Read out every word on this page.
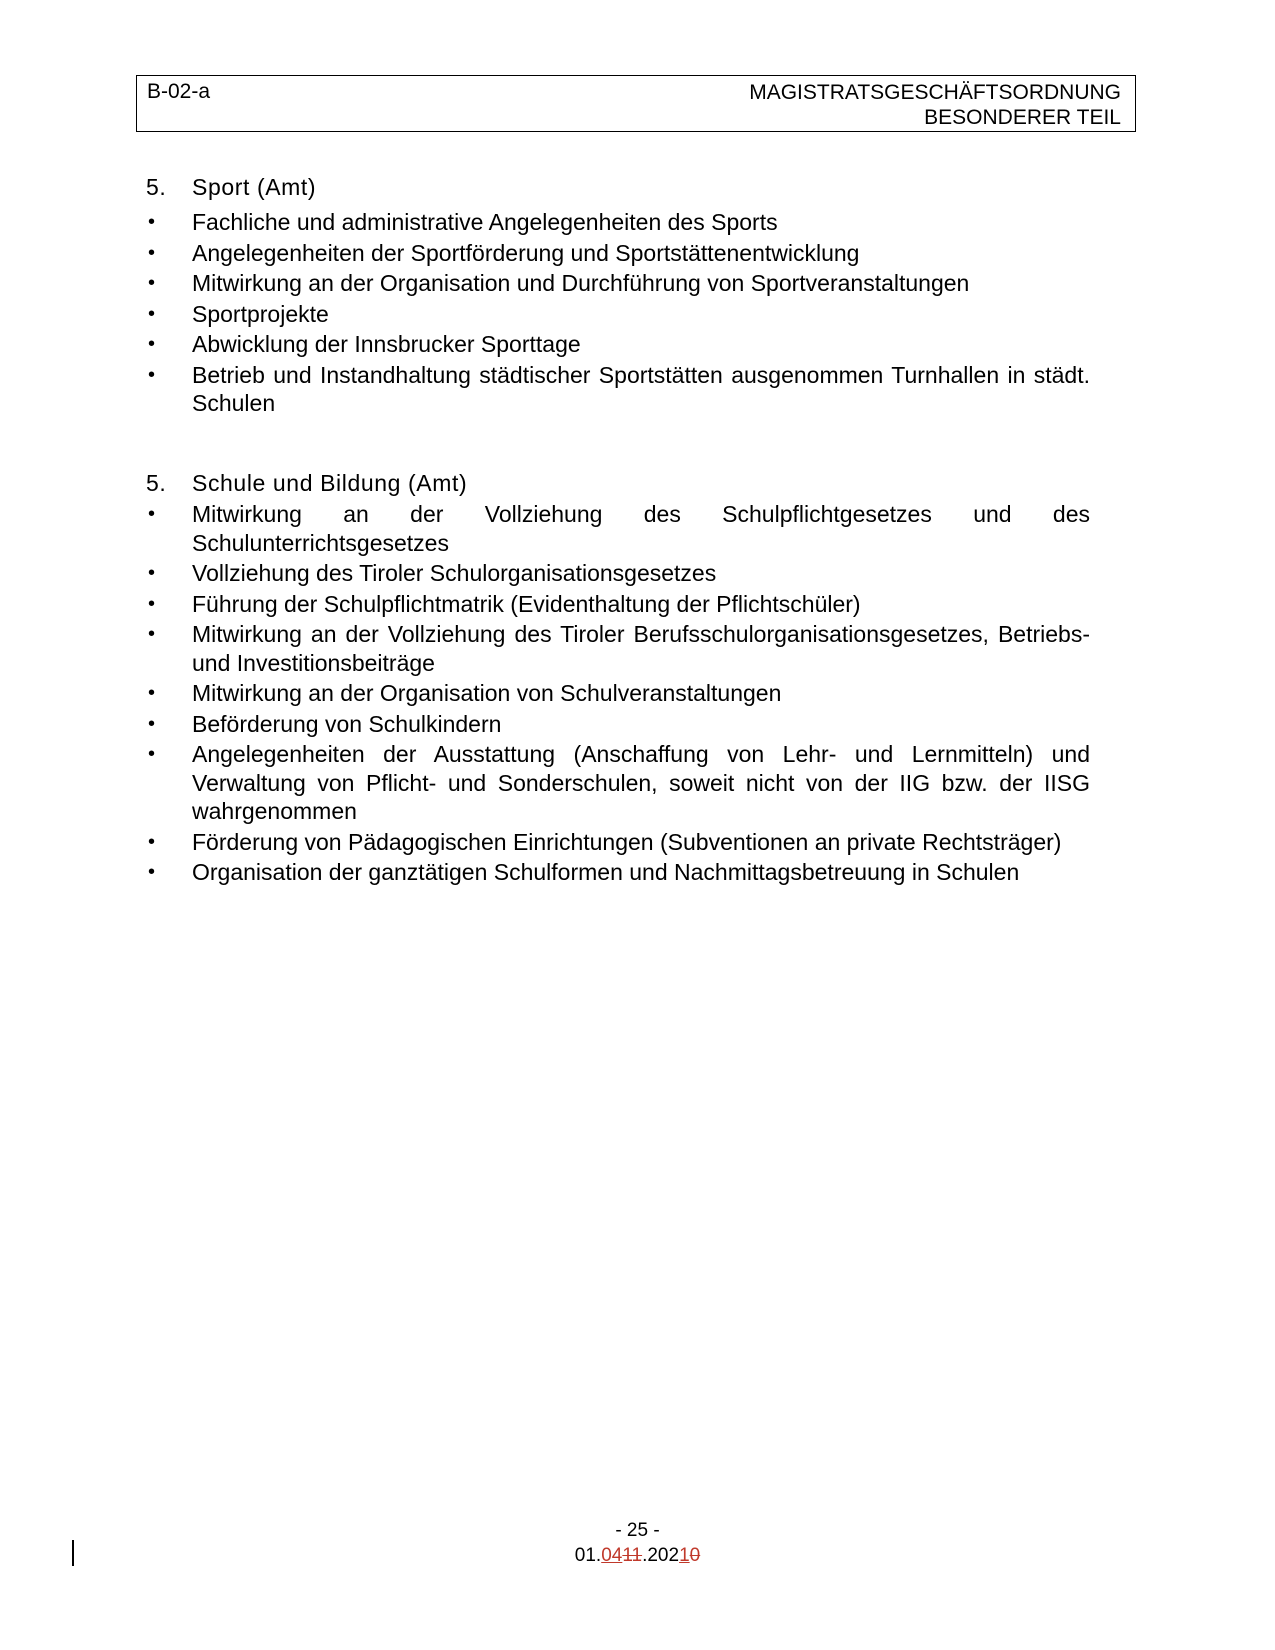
B-02-a	MAGISTRATSGESCHÄFTSORDNUNG
BESONDERER TEIL
5.	Sport (Amt)
• Fachliche und administrative Angelegenheiten des Sports
• Angelegenheiten der Sportförderung und Sportstättenentwicklung
• Mitwirkung an der Organisation und Durchführung von Sportveranstaltungen
• Sportprojekte
• Abwicklung der Innsbrucker Sporttage
• Betrieb und Instandhaltung städtischer Sportstätten ausgenommen Turnhallen in städt. Schulen
5.	Schule und Bildung (Amt)
• Mitwirkung an der Vollziehung des Schulpflichtgesetzes und des Schulunterrichtsgesetzes
• Vollziehung des Tiroler Schulorganisationsgesetzes
• Führung der Schulpflichtmatrik (Evidenthaltung der Pflichtschüler)
• Mitwirkung an der Vollziehung des Tiroler Berufsschulorganisationsgesetzes, Betriebs- und Investitionsbeiträge
• Mitwirkung an der Organisation von Schulveranstaltungen
• Beförderung von Schulkindern
• Angelegenheiten der Ausstattung (Anschaffung von Lehr- und Lernmitteln) und Verwaltung von Pflicht- und Sonderschulen, soweit nicht von der IIG bzw. der IISG wahrgenommen
• Förderung von Pädagogischen Einrichtungen (Subventionen an private Rechtsträger)
• Organisation der ganztätigen Schulformen und Nachmittagsbetreuung in Schulen
- 25 -
01.0411.20210
